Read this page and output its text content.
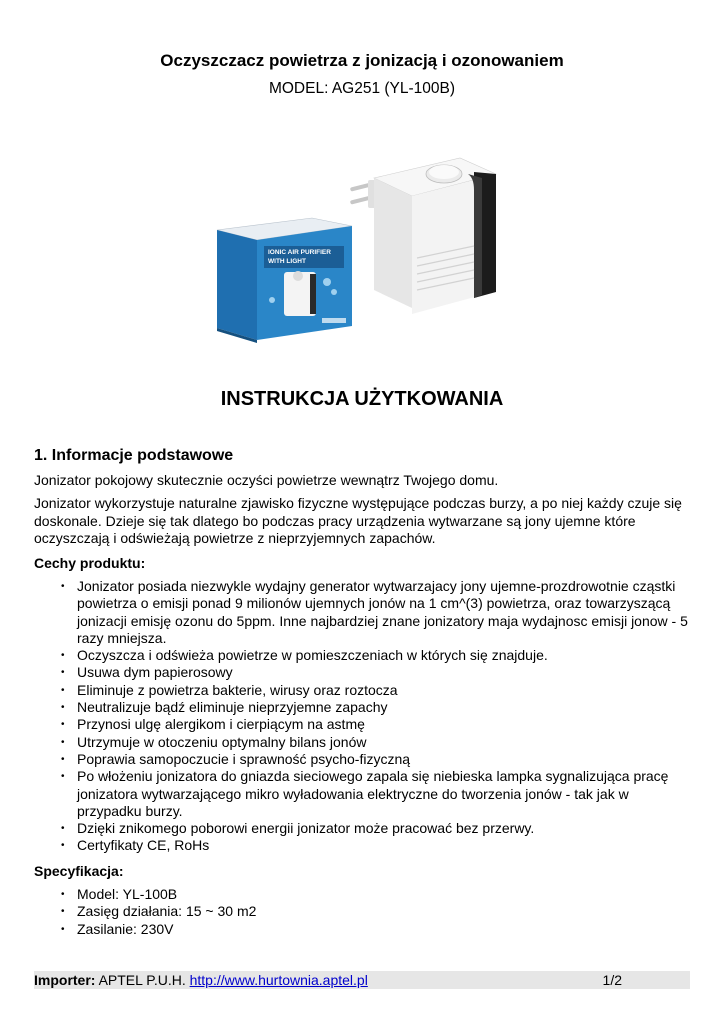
Oczyszczacz powietrza z jonizacją i ozonowaniem

MODEL: AG251 (YL-100B)

IONIC AIR PURIFIER
WITH LIGHT
INSTRUKCJA UŻYTKOWANIA
1. Informacje podstawowe

Jonizator pokojowy skutecznie oczyści powietrze wewnątrz Twojego domu.

Jonizator wykorzystuje naturalne zjawisko fizyczne występujące podczas burzy, a po niej każdy czuje się doskonale. Dzieje się tak dlatego bo podczas pracy urządzenia wytwarzane są jony ujemne które oczyszczają i odświeżają powietrze z nieprzyjemnych zapachów.

Cechy produktu:

• Jonizator posiada niezwykle wydajny generator wytwarzajacy jony ujemne-prozdrowotnie cząstki powietrza o emisji ponad 9 milionów ujemnych jonów na 1 cm^(3) powietrza, oraz towarzyszącą jonizacji emisję ozonu do 5ppm. Inne najbardziej znane jonizatory maja wydajnosc emisji jonow - 5 razy mniejsza.
• Oczyszcza i odświeża powietrze w pomieszczeniach w których się znajduje.
• Usuwa dym papierosowy
• Eliminuje z powietrza bakterie, wirusy oraz roztocza
• Neutralizuje bądź eliminuje nieprzyjemne zapachy
• Przynosi ulgę alergikom i cierpiącym na astmę
• Utrzymuje w otoczeniu optymalny bilans jonów
• Poprawia samopoczucie i sprawność psycho-fizyczną
• Po włożeniu jonizatora do gniazda sieciowego zapala się niebieska lampka sygnalizująca pracę jonizatora wytwarzającego mikro wyładowania elektryczne do tworzenia jonów - tak jak w przypadku burzy.
• Dzięki znikomego poborowi energii jonizator może pracować bez przerwy.
• Certyfikaty CE, RoHs

Specyfikacja:

• Model: YL-100B
• Zasięg działania: 15 ~ 30 m2
• Zasilanie: 230V
Importer: APTEL P.U.H. http://www.hurtownia.aptel.pl	1/2
